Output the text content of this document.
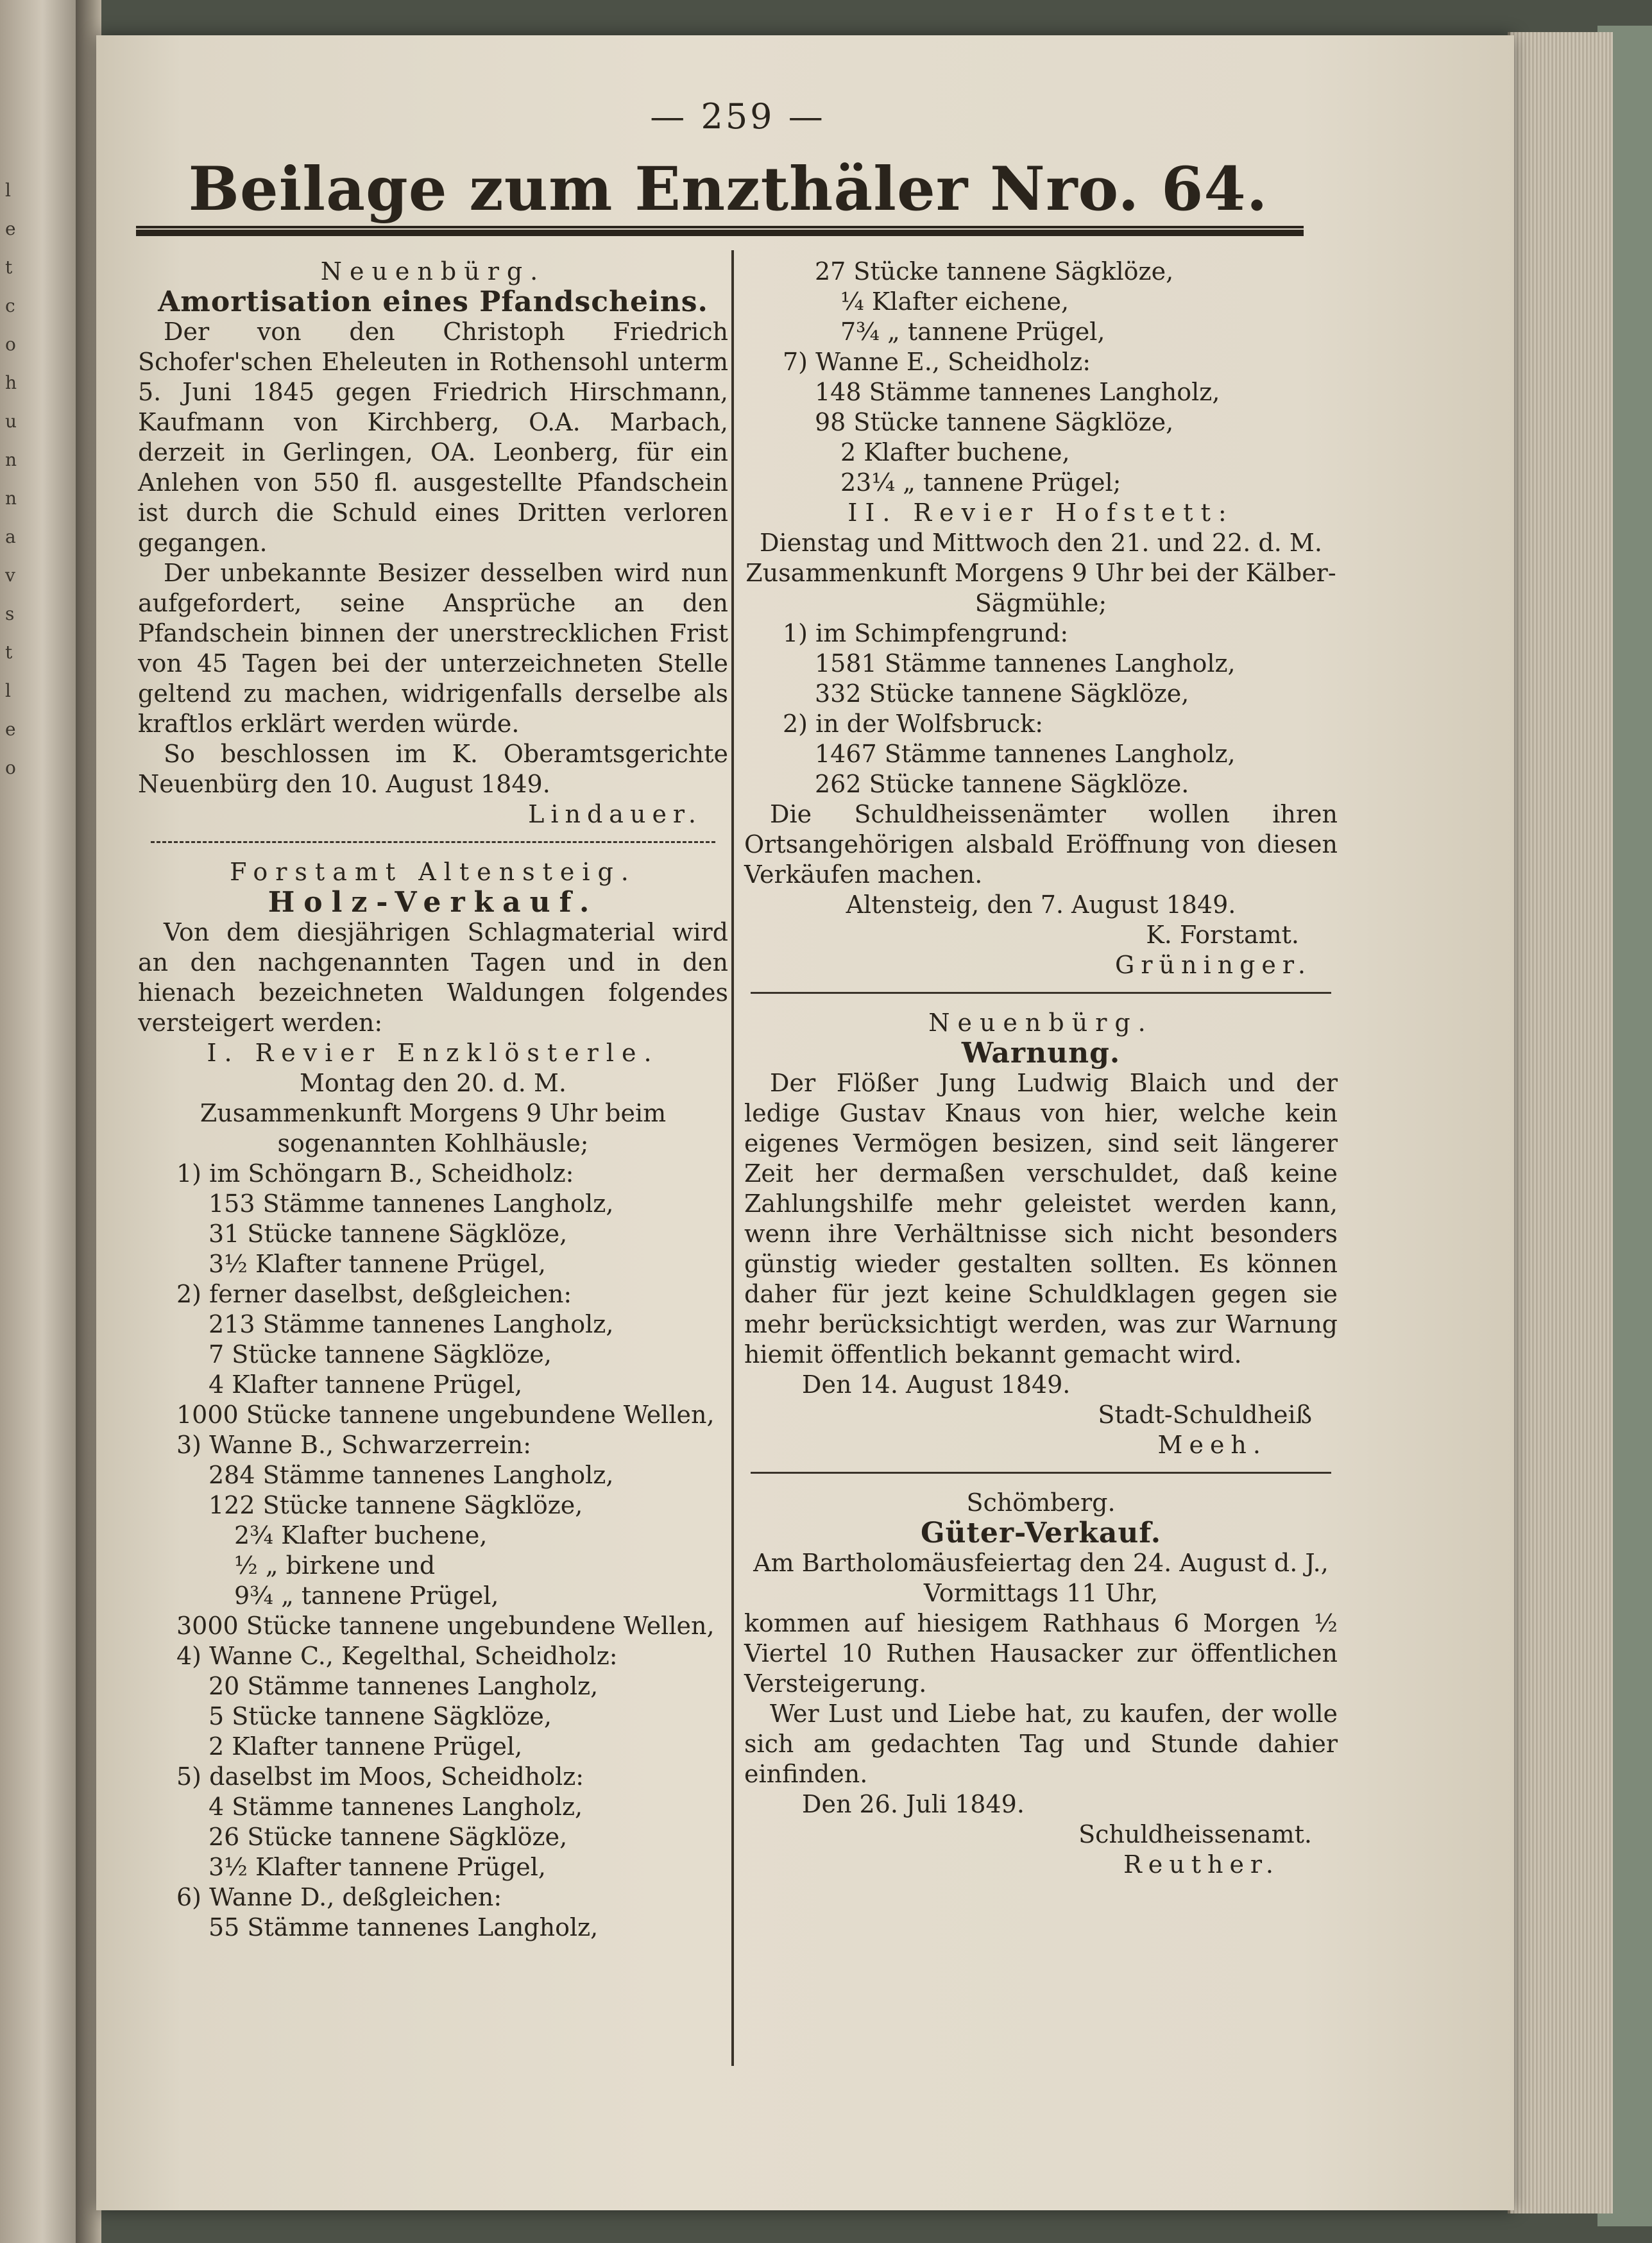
l
e
t
c
o
h
u
n
n
a
v
s
t
l
e
o
— 259 —
Beilage zum Enzthäler Nro. 64.
Neuenbürg.
Amortisation eines Pfandscheins.

Der von den Christoph Friedrich Schofer'schen Eheleuten in Rothensohl unterm 5. Juni 1845 gegen Friedrich Hirschmann, Kaufmann von Kirchberg, O.A. Marbach, derzeit in Gerlingen, OA. Leonberg, für ein Anlehen von 550 fl. ausgestellte Pfandschein ist durch die Schuld eines Dritten verloren gegangen.

Der unbekannte Besizer desselben wird nun aufgefordert, seine Ansprüche an den Pfandschein binnen der unerstrecklichen Frist von 45 Tagen bei der unterzeichneten Stelle geltend zu machen, widrigenfalls derselbe als kraftlos erklärt werden würde.

So beschlossen im K. Oberamtsgerichte Neuenbürg den 10. August 1849.

Lindauer.
Forstamt Altensteig.
Holz-Verkauf.

Von dem diesjährigen Schlagmaterial wird an den nachgenannten Tagen und in den hienach bezeichneten Waldungen folgendes versteigert werden:

I. Revier Enzklösterle.
Montag den 20. d. M.
Zusammenkunft Morgens 9 Uhr beim sogenannten Kohlhäusle;
1) im Schöngarn B., Scheidholz:
153 Stämme tannenes Langholz,
31 Stücke tannene Sägklöze,
3½ Klafter tannene Prügel,
2) ferner daselbst, deßgleichen:
213 Stämme tannenes Langholz,
7 Stücke tannene Sägklöze,
4 Klafter tannene Prügel,
1000 Stücke tannene ungebundene Wellen,
3) Wanne B., Schwarzerrein:
284 Stämme tannenes Langholz,
122 Stücke tannene Sägklöze,
2¾ Klafter buchene,
½ „ birkene und
9¾ „ tannene Prügel,
3000 Stücke tannene ungebundene Wellen,
4) Wanne C., Kegelthal, Scheidholz:
20 Stämme tannenes Langholz,
5 Stücke tannene Sägklöze,
2 Klafter tannene Prügel,
5) daselbst im Moos, Scheidholz:
4 Stämme tannenes Langholz,
26 Stücke tannene Sägklöze,
3½ Klafter tannene Prügel,
6) Wanne D., deßgleichen:
55 Stämme tannenes Langholz,
27 Stücke tannene Sägklöze,
¼ Klafter eichene,
7¾ „ tannene Prügel,
7) Wanne E., Scheidholz:
148 Stämme tannenes Langholz,
98 Stücke tannene Sägklöze,
2 Klafter buchene,
23¼ „ tannene Prügel;
II. Revier Hofstett:
Dienstag und Mittwoch den 21. und 22. d. M.
Zusammenkunft Morgens 9 Uhr bei der Kälber-Sägmühle;
1) im Schimpfengrund:
1581 Stämme tannenes Langholz,
332 Stücke tannene Sägklöze,
2) in der Wolfsbruck:
1467 Stämme tannenes Langholz,
262 Stücke tannene Sägklöze.

Die Schuldheissenämter wollen ihren Ortsangehörigen alsbald Eröffnung von diesen Verkäufen machen.

Altensteig, den 7. August 1849.
K. Forstamt.
Grüninger.
Neuenbürg.
Warnung.

Der Flößer Jung Ludwig Blaich und der ledige Gustav Knaus von hier, welche kein eigenes Vermögen besizen, sind seit längerer Zeit her dermaßen verschuldet, daß keine Zahlungshilfe mehr geleistet werden kann, wenn ihre Verhältnisse sich nicht besonders günstig wieder gestalten sollten. Es können daher für jezt keine Schuldklagen gegen sie mehr berücksichtigt werden, was zur Warnung hiemit öffentlich bekannt gemacht wird.

Den 14. August 1849.
Stadt-Schuldheiß
Meeh.
Schömberg.
Güter-Verkauf.
Am Bartholomäusfeiertag den 24. August d. J.,
Vormittags 11 Uhr,

kommen auf hiesigem Rathhaus 6 Morgen ½ Viertel 10 Ruthen Hausacker zur öffentlichen Versteigerung.

Wer Lust und Liebe hat, zu kaufen, der wolle sich am gedachten Tag und Stunde dahier einfinden.

Den 26. Juli 1849.
Schuldheissenamt.
Reuther.
